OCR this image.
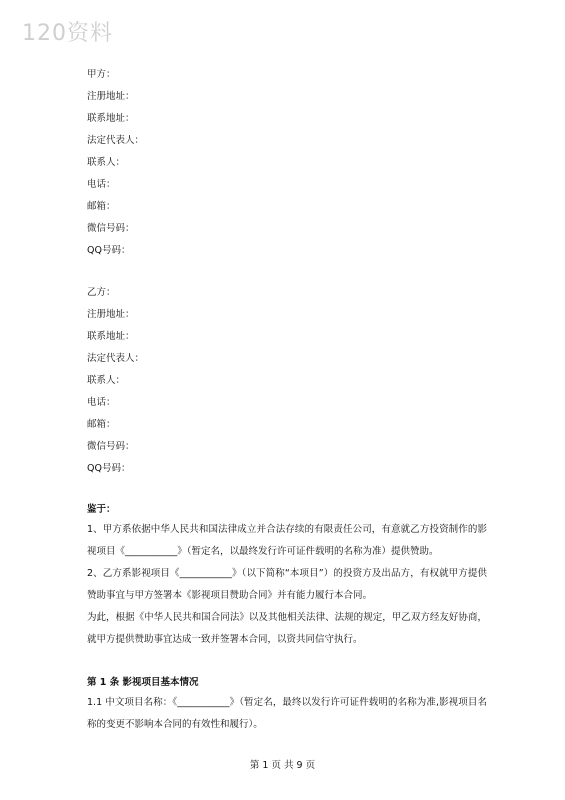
120资料
甲方：
注册地址：
联系地址：
法定代表人：
联系人：
电话：
邮箱：
微信号码：
QQ号码：
乙方：
注册地址：
联系地址：
法定代表人：
联系人：
电话：
邮箱：
微信号码：
QQ号码：
鉴于：
1、甲方系依据中华人民共和国法律成立并合法存续的有限责任公司，有意就乙方投资制作的影视项目《___________》（暂定名，以最终发行许可证件载明的名称为准）提供赞助。
2、乙方系影视项目《___________》（以下简称“本项目”）的投资方及出品方，有权就甲方提供赞助事宜与甲方签署本《影视项目赞助合同》并有能力履行本合同。
为此，根据《中华人民共和国合同法》以及其他相关法律、法规的规定，甲乙双方经友好协商，就甲方提供赞助事宜达成一致并签署本合同，以资共同信守执行。
第 1 条 影视项目基本情况
1.1 中文项目名称：《___________》（暂定名，最终以发行许可证件载明的名称为准,影视项目名称的变更不影响本合同的有效性和履行）。
第 1 页 共 9 页
